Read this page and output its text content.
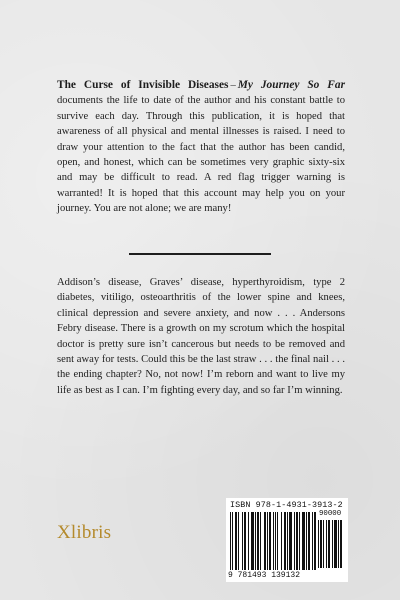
The Curse of Invisible Diseases – My Journey So Far documents the life to date of the author and his constant battle to survive each day. Through this publication, it is hoped that awareness of all physical and mental illnesses is raised. I need to draw your attention to the fact that the author has been candid, open, and honest, which can be sometimes very graphic sixty-six and may be difficult to read. A red flag trigger warning is warranted! It is hoped that this account may help you on your journey. You are not alone; we are many!
Addison’s disease, Graves’ disease, hyperthyroidism, type 2 diabetes, vitiligo, osteoarthritis of the lower spine and knees, clinical depression and severe anxiety, and now . . . Andersons Febry disease. There is a growth on my scrotum which the hospital doctor is pretty sure isn’t cancerous but needs to be removed and sent away for tests. Could this be the last straw . . . the final nail . . . the ending chapter? No, not now! I’m reborn and want to live my life as best as I can. I’m fighting every day, and so far I’m winning.
Xlibris
ISBN 978-1-4931-3913-2
90000
9 781493 139132
